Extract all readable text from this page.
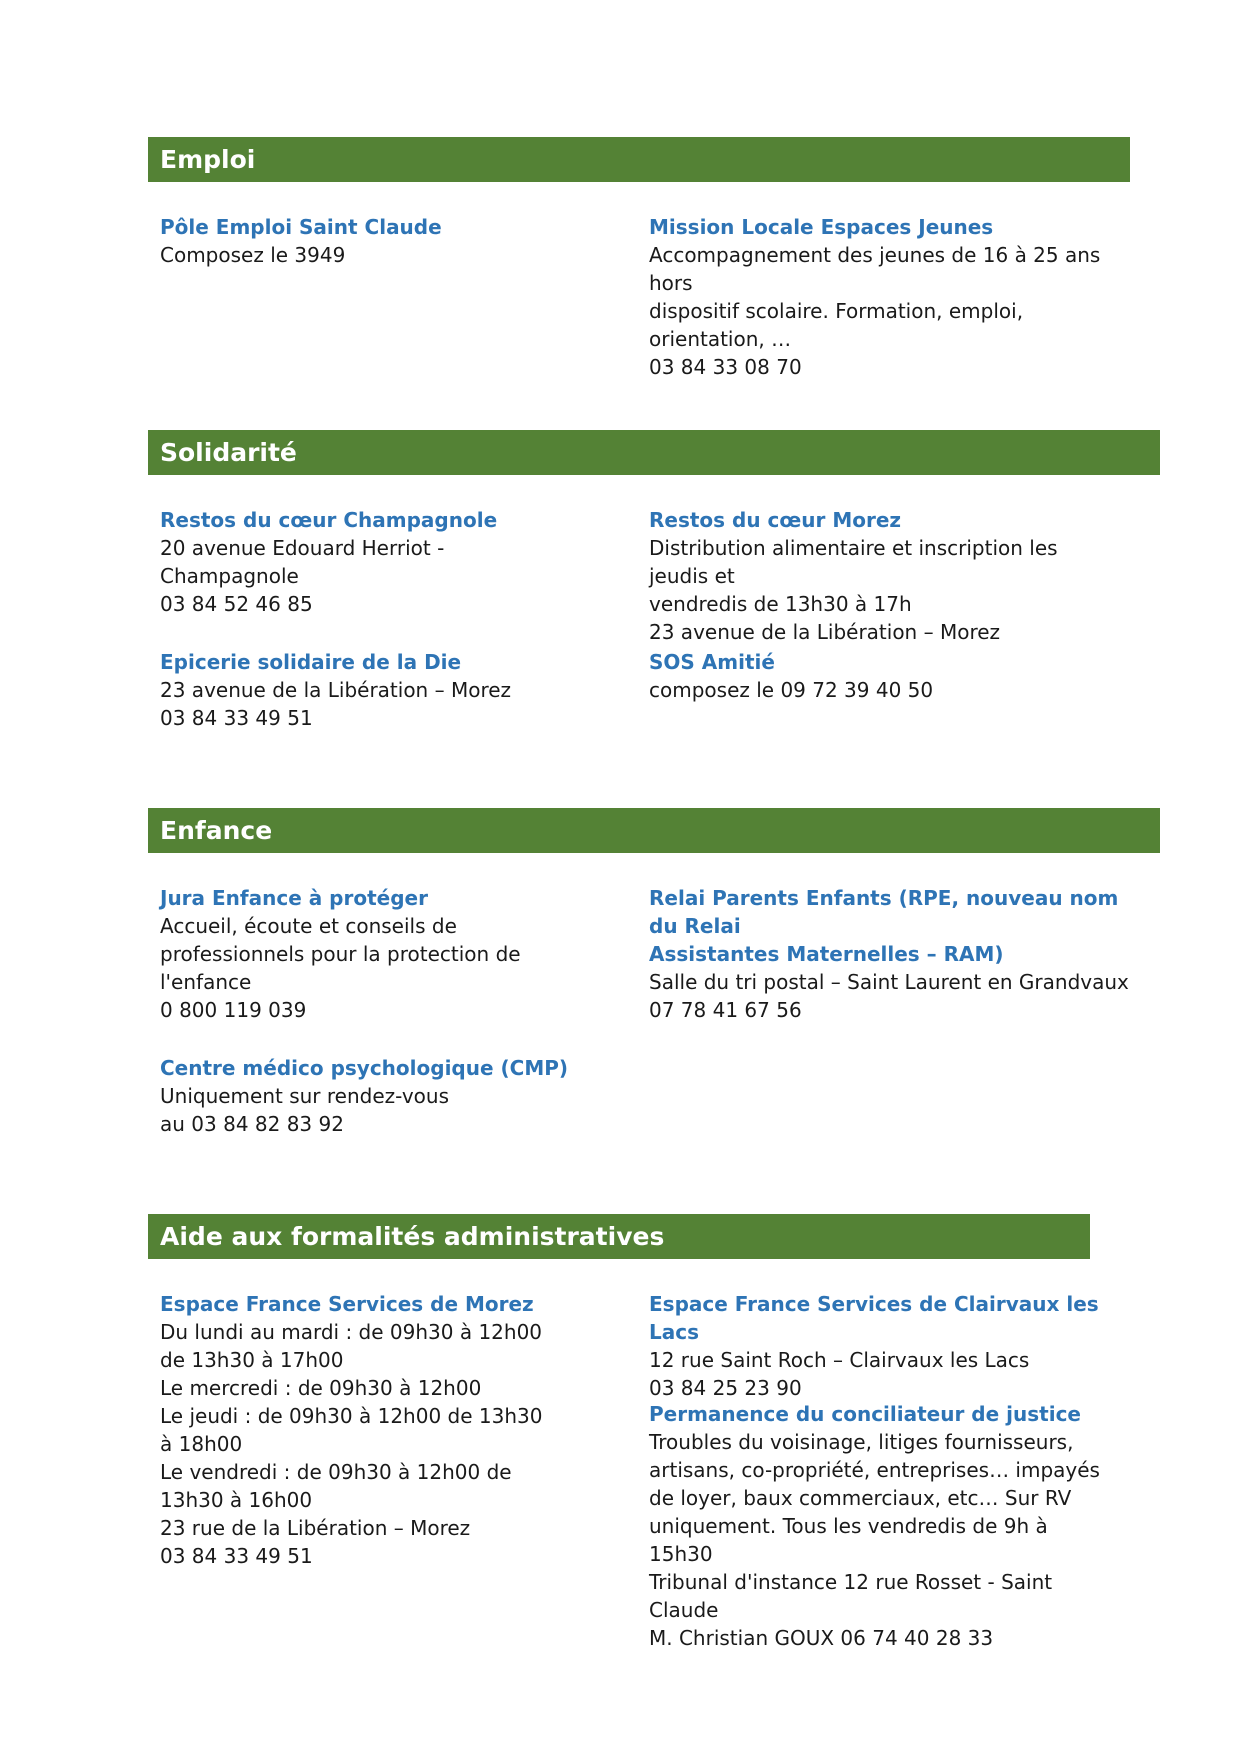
Emploi
Pôle Emploi Saint Claude
Composez le 3949
Mission Locale Espaces Jeunes
Accompagnement des jeunes de 16 à 25 ans hors
dispositif scolaire. Formation, emploi,
orientation, …
03 84 33 08 70
Solidarité
Restos du cœur Champagnole
20 avenue Edouard Herriot -
Champagnole
03 84 52 46 85
Restos du cœur Morez
Distribution alimentaire et inscription les jeudis et
vendredis de 13h30 à 17h
23 avenue de la Libération – Morez
Epicerie solidaire de la Die
23 avenue de la Libération – Morez
03 84 33 49 51
SOS Amitié
composez le 09 72 39 40 50
Enfance
Jura Enfance à protéger
Accueil, écoute et conseils de
professionnels pour la protection de
l'enfance
0 800 119 039
Relai Parents Enfants (RPE, nouveau nom du Relai
Assistantes Maternelles – RAM)
Salle du tri postal – Saint Laurent en Grandvaux
07 78 41 67 56
Centre médico psychologique (CMP)
Uniquement sur rendez-vous
au 03 84 82 83 92
Aide aux formalités administratives
Espace France Services de Morez
Du lundi au mardi : de 09h30 à 12h00
de 13h30 à 17h00
Le mercredi : de 09h30 à 12h00
Le jeudi : de 09h30 à 12h00 de 13h30
à 18h00
Le vendredi : de 09h30 à 12h00 de
13h30 à 16h00
23 rue de la Libération – Morez
03 84 33 49 51
Espace France Services de Clairvaux les Lacs
12 rue Saint Roch – Clairvaux les Lacs
03 84 25 23 90
Permanence du conciliateur de justice
Troubles du voisinage, litiges fournisseurs,
artisans, co-propriété, entreprises… impayés
de loyer, baux commerciaux, etc… Sur RV
uniquement. Tous les vendredis de 9h à
15h30
Tribunal d'instance 12 rue Rosset - Saint
Claude
M. Christian GOUX 06 74 40 28 33
